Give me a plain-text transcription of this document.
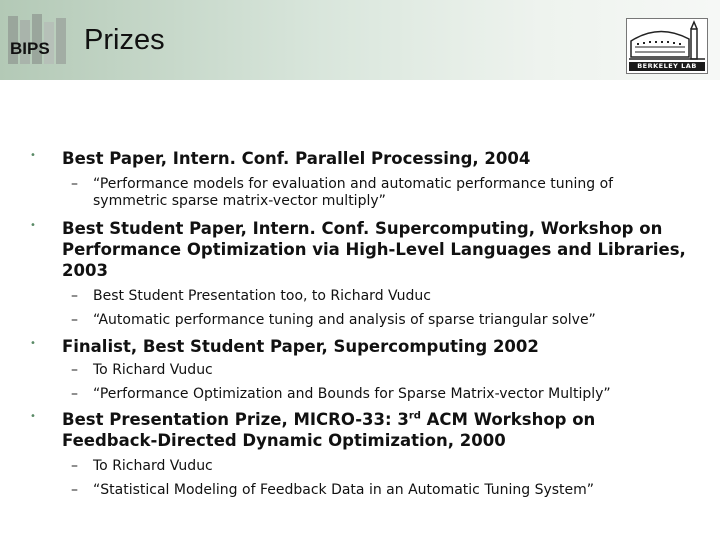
BIPS Prizes
BERKELEY LAB
• Best Paper, Intern. Conf. Parallel Processing, 2004
– “Performance models for evaluation and automatic performance tuning of symmetric sparse matrix-vector multiply”
• Best Student Paper, Intern. Conf. Supercomputing, Workshop on Performance Optimization via High-Level Languages and Libraries, 2003
– Best Student Presentation too, to Richard Vuduc
– “Automatic performance tuning and analysis of sparse triangular solve”
• Finalist, Best Student Paper, Supercomputing 2002
– To Richard Vuduc
– “Performance Optimization and Bounds for Sparse Matrix-vector Multiply”
• Best Presentation Prize, MICRO-33: 3rd ACM Workshop on Feedback-Directed Dynamic Optimization, 2000
– To Richard Vuduc
– “Statistical Modeling of Feedback Data in an Automatic Tuning System”
